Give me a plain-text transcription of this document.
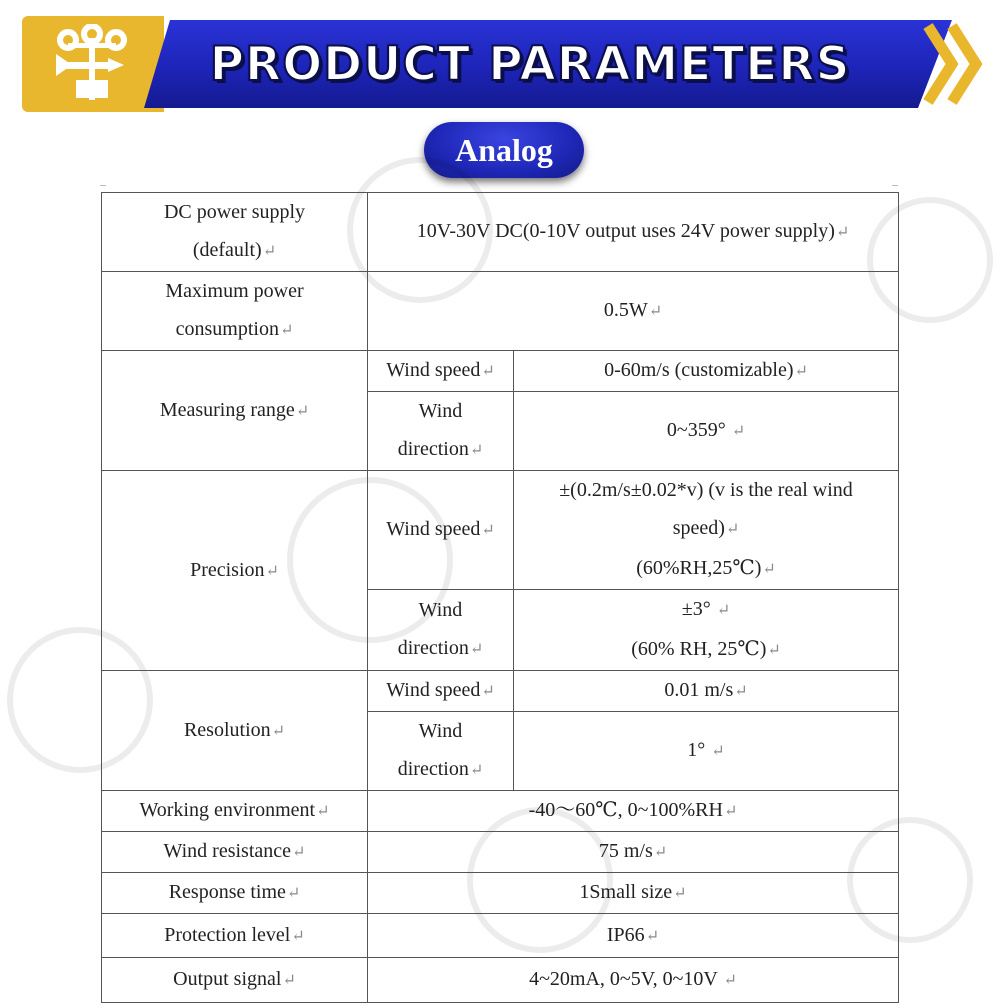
PRODUCT PARAMETERS
Analog
DC power supply
(default)↵	10V-30V DC(0-10V output uses 24V power supply)↵	
Maximum power
consumption↵	0.5W↵	
Measuring range↵	Wind speed↵	0-60m/s (customizable)↵
	Wind
direction↵	0~359° ↵
Precision↵	Wind speed↵	±(0.2m/s±0.02*v) (v is the real wind
speed)↵
(60%RH,25℃)↵
	Wind
direction↵	±3° ↵
(60% RH, 25℃)↵
Resolution↵	Wind speed↵	0.01 m/s↵
	Wind
direction↵	1° ↵
Working environment↵	-40～60℃, 0~100%RH↵	
Wind resistance↵	75 m/s↵	
Response time↵	1Small size↵	
Protection level↵	IP66↵	
Output signal↵	4~20mA, 0~5V, 0~10V ↵	
